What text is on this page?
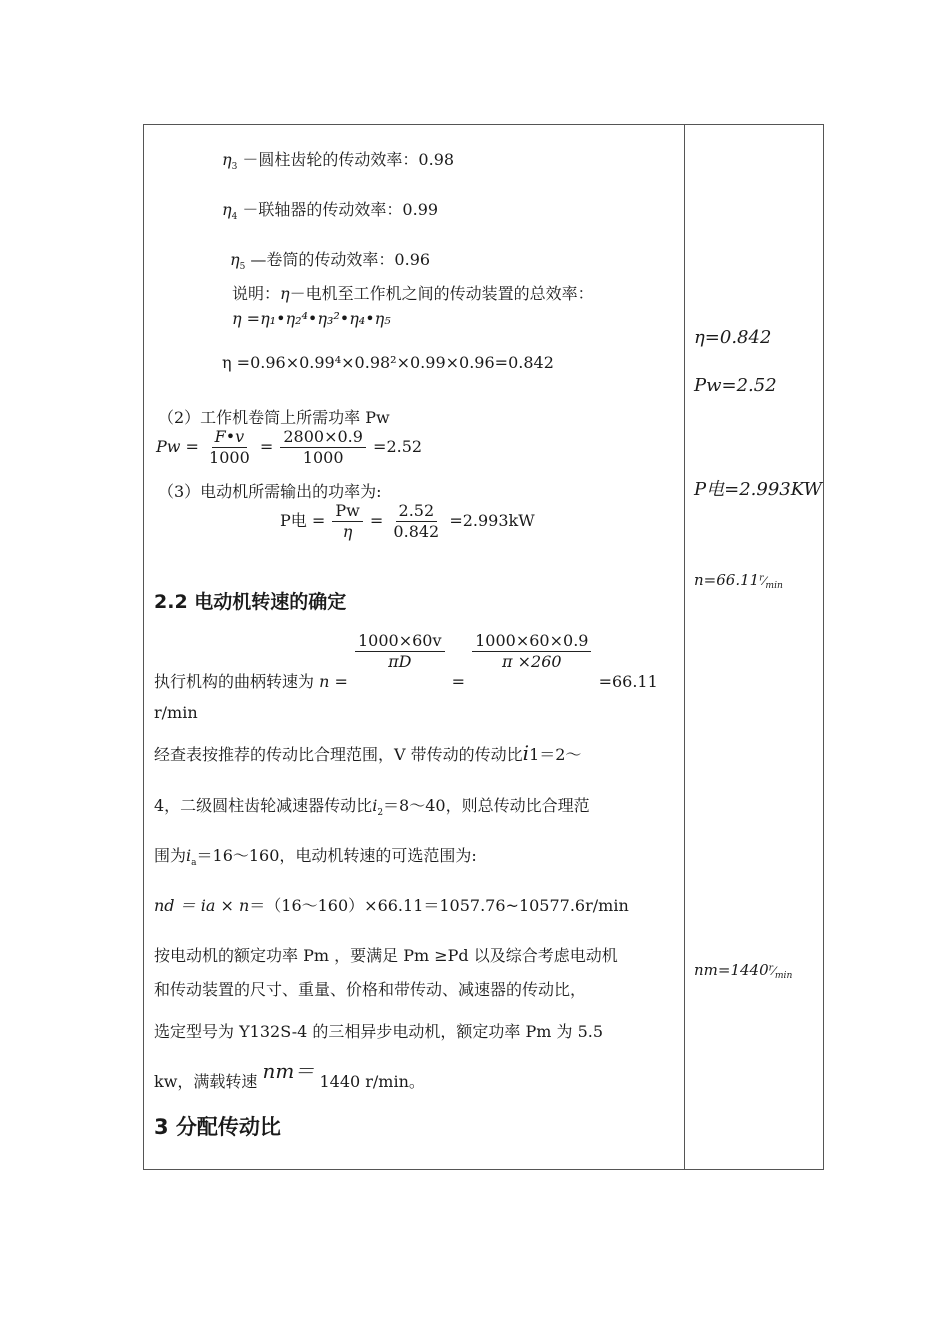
$\eta_3$ －圆柱齿轮的传动效率：0.98
$\eta_4$ －联轴器的传动效率：0.99
$\eta_5$ —卷筒的传动效率：0.96
说明：η－电机至工作机之间的传动装置的总效率：
η =η₁•η₂⁴•η₃²•η₄•η₅
η =0.96×0.99⁴×0.98²×0.99×0.96=0.842
（2）工作机卷筒上所需功率 Pw
$Pw = \frac{F•v}{1000} = \frac{2800\times 0.9}{1000} =2.52$
（3）电动机所需输出的功率为:
P电 = $\frac{Pw}{\eta} = \frac{2.52}{0.842} =2.993kW$
2.2 电动机转速的确定
执行机构的曲柄转速为 n =
$\frac{1000\times 60v}{\pi D}$
=
$\frac{1000\times 60\times 0.9}{\pi \times 260}$
=66.11
r/min
经查表按推荐的传动比合理范围，V 带传动的传动比i1＝2～
4，二级圆柱齿轮减速器传动比$i_2=8\sim 40$，则总传动比合理范
围为$i_a=16\sim 160$，电动机转速的可选范围为:
nd ＝ ia × n＝（16～160）×66.11＝1057.76~10577.6r/min
按电动机的额定功率 Pm ，要满足 Pm ≥Pd 以及综合考虑电动机
和传动装置的尺寸、重量、价格和带传动、减速器的传动比，
选定型号为 Y132S-4 的三相异步电动机，额定功率 Pm 为 5.5
kw，满载转速 nm＝ 1440 r/min。
3 分配传动比
η=0.842
Pw=2.52
P电=2.993KW
$n=66.11^r⁄_{min}$
$nm=1440^r⁄_{min}$
